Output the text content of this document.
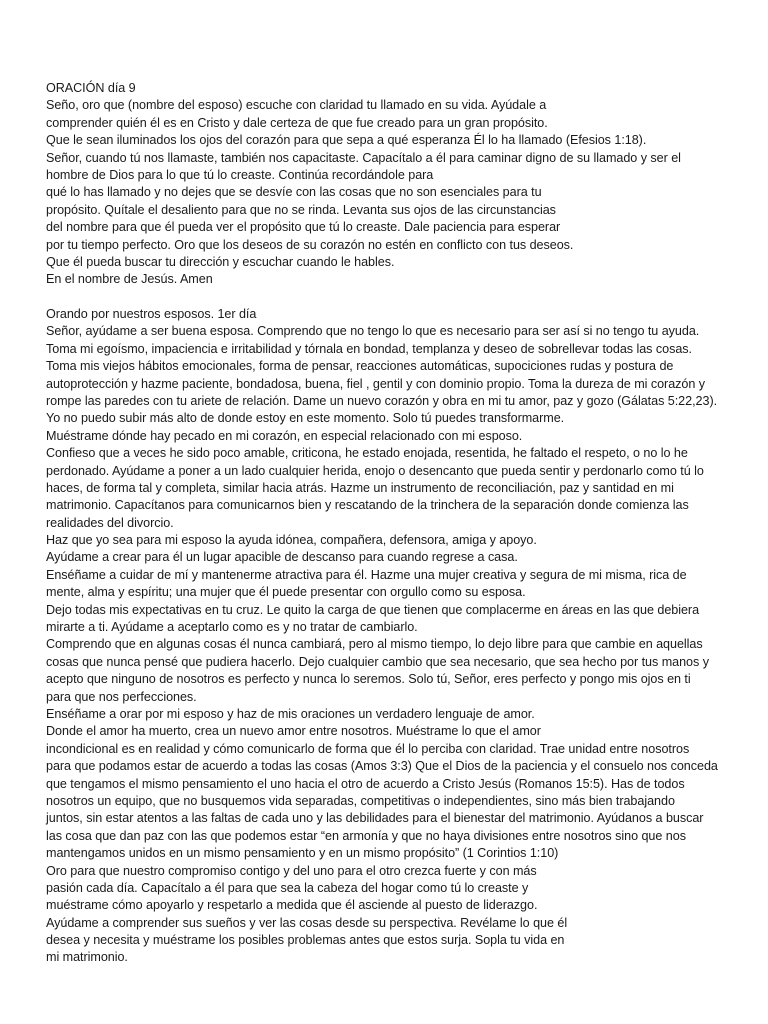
ORACIÓN día 9
Seño, oro que (nombre del esposo) escuche con claridad tu llamado en su vida. Ayúdale a
comprender quién él es en Cristo y dale certeza de que fue creado para un gran propósito.
Que le sean iluminados los ojos del corazón para que sepa a qué esperanza Él lo ha llamado (Efesios 1:18).
Señor, cuando tú nos llamaste, también nos capacitaste. Capacítalo a él para caminar digno de su llamado y ser el
hombre de Dios para lo que tú lo creaste. Continúa recordándole para
qué lo has llamado y no dejes que se desvíe con las cosas que no son esenciales para tu
propósito. Quítale el desaliento para que no se rinda. Levanta sus ojos de las circunstancias
del nombre para que él pueda ver el propósito que tú lo creaste. Dale paciencia para esperar
por tu tiempo perfecto. Oro que los deseos de su corazón no estén en conflicto con tus deseos.
Que él pueda buscar tu dirección y escuchar cuando le hables.
En el nombre de Jesús. Amen
Orando por nuestros esposos. 1er día
Señor, ayúdame a ser buena esposa. Comprendo que no tengo lo que es necesario para ser así si no tengo tu ayuda.
Toma mi egoísmo, impaciencia e irritabilidad y tórnala en bondad, templanza y deseo de sobrellevar todas las cosas.
Toma mis viejos hábitos emocionales, forma de pensar, reacciones automáticas, supociciones rudas y postura de
autoprotección y hazme paciente, bondadosa, buena, fiel , gentil y con dominio propio. Toma la dureza de mi corazón y
rompe las paredes con tu ariete de relación. Dame un nuevo corazón y obra en mi tu amor, paz y gozo (Gálatas 5:22,23).
Yo no puedo subir más alto de donde estoy en este momento. Solo tú puedes transformarme.
Muéstrame dónde hay pecado en mi corazón, en especial relacionado con mi esposo.
Confieso que a veces he sido poco amable, criticona, he estado enojada, resentida, he faltado el respeto, o no lo he
perdonado. Ayúdame a poner a un lado cualquier herida, enojo o desencanto que pueda sentir y perdonarlo como tú lo
haces, de forma tal y completa, similar hacia atrás. Hazme un instrumento de reconciliación, paz y santidad en mi
matrimonio. Capacítanos para comunicarnos bien y rescatando de la trinchera de la separación donde comienza las
realidades del divorcio.
Haz que yo sea para mi esposo la ayuda idónea, compañera, defensora, amiga y apoyo.
Ayúdame a crear para él un lugar apacible de descanso para cuando regrese a casa.
Enséñame a cuidar de mí y mantenerme atractiva para él. Hazme una mujer creativa y segura de mi misma, rica de
mente, alma y espíritu; una mujer que él puede presentar con orgullo como su esposa.
Dejo todas mis expectativas en tu cruz. Le quito la carga de que tienen que complacerme en áreas en las que debiera
mirarte a ti. Ayúdame a aceptarlo como es y no tratar de cambiarlo.
Comprendo que en algunas cosas él nunca cambiará, pero al mismo tiempo, lo dejo libre para que cambie en aquellas
cosas que nunca pensé que pudiera hacerlo. Dejo cualquier cambio que sea necesario, que sea hecho por tus manos y
acepto que ninguno de nosotros es perfecto y nunca lo seremos. Solo tú, Señor, eres perfecto y pongo mis ojos en ti
para que nos perfecciones.
Enséñame a orar por mi esposo y haz de mis oraciones un verdadero lenguaje de amor.
Donde el amor ha muerto, crea un nuevo amor entre nosotros. Muéstrame lo que el amor
incondicional es en realidad y cómo comunicarlo de forma que él lo perciba con claridad. Trae unidad entre nosotros
para que podamos estar de acuerdo a todas las cosas (Amos 3:3) Que el Dios de la paciencia y el consuelo nos conceda
que tengamos el mismo pensamiento el uno hacia el otro de acuerdo a Cristo Jesús (Romanos 15:5). Has de todos
nosotros un equipo, que no busquemos vida separadas, competitivas o independientes, sino más bien trabajando
juntos, sin estar atentos a las faltas de cada uno y las debilidades para el bienestar del matrimonio. Ayúdanos a buscar
las cosa que dan paz con las que podemos estar “en armonía y que no haya divisiones entre nosotros sino que nos
mantengamos unidos en un mismo pensamiento y en un mismo propósito” (1 Corintios 1:10)
Oro para que nuestro compromiso contigo y del uno para el otro crezca fuerte y con más
pasión cada día. Capacítalo a él para que sea la cabeza del hogar como tú lo creaste y
muéstrame cómo apoyarlo y respetarlo a medida que él asciende al puesto de liderazgo.
Ayúdame a comprender sus sueños y ver las cosas desde su perspectiva. Revélame lo que él
desea y necesita y muéstrame los posibles problemas antes que estos surja. Sopla tu vida en
mi matrimonio.
